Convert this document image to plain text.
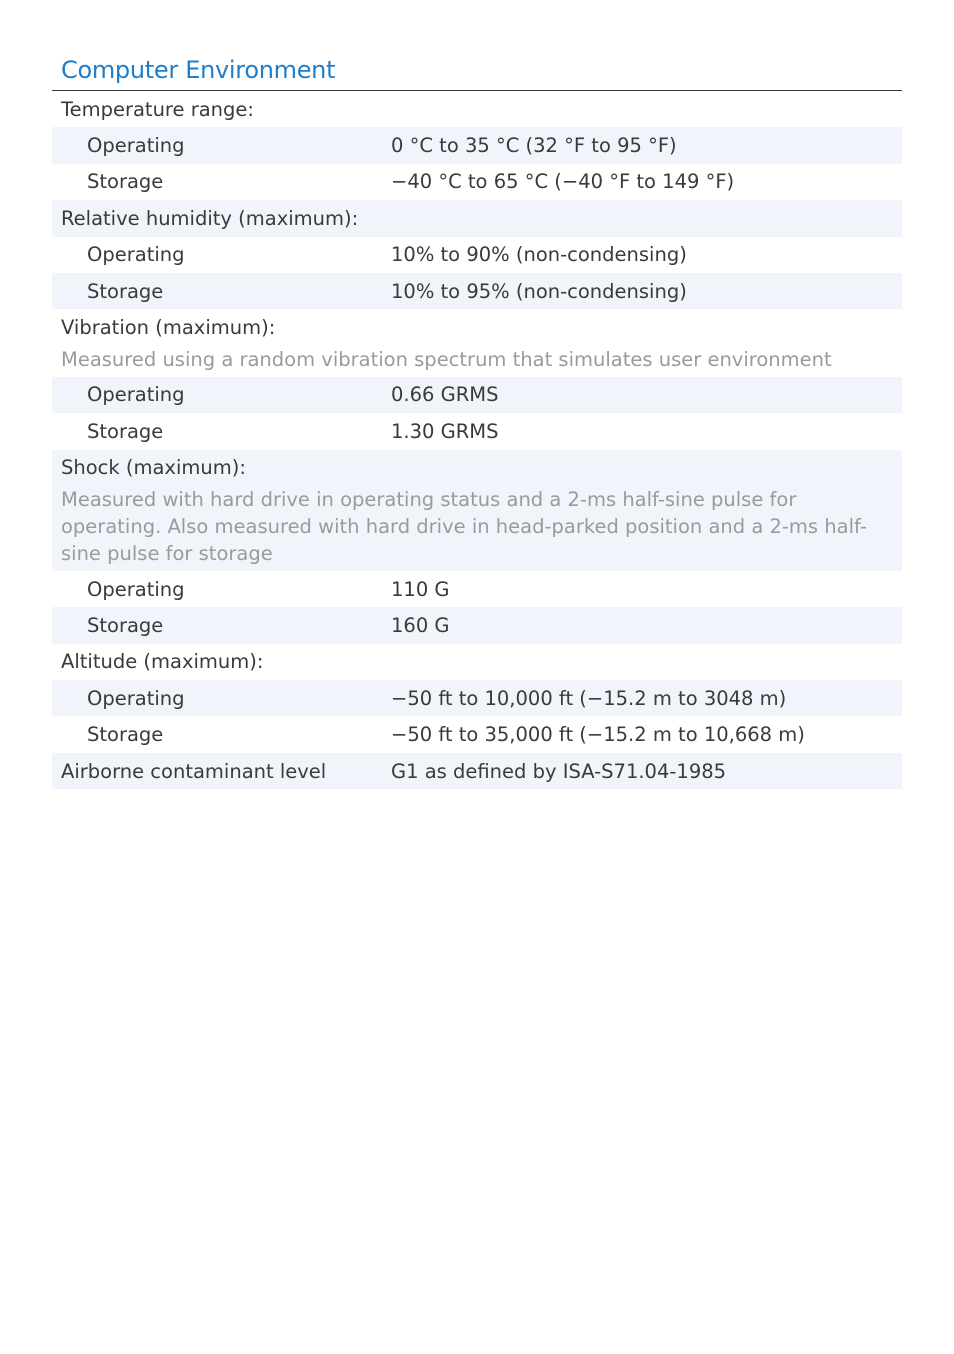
Computer Environment
Temperature range:
Operating	0 °C to 35 °C (32 °F to 95 °F)
Storage	−40 °C to 65 °C (−40 °F to 149 °F)
Relative humidity (maximum):
Operating	10% to 90% (non-condensing)
Storage	10% to 95% (non-condensing)
Vibration (maximum):
Measured using a random vibration spectrum that simulates user environment
Operating	0.66 GRMS
Storage	1.30 GRMS
Shock (maximum):
Measured with hard drive in operating status and a 2-ms half-sine pulse for operating. Also measured with hard drive in head-parked position and a 2-ms half-sine pulse for storage
Operating	110 G
Storage	160 G
Altitude (maximum):
Operating	−50 ft to 10,000 ft (−15.2 m to 3048 m)
Storage	−50 ft to 35,000 ft (−15.2 m to 10,668 m)
Airborne contaminant level	G1 as defined by ISA-S71.04-1985
